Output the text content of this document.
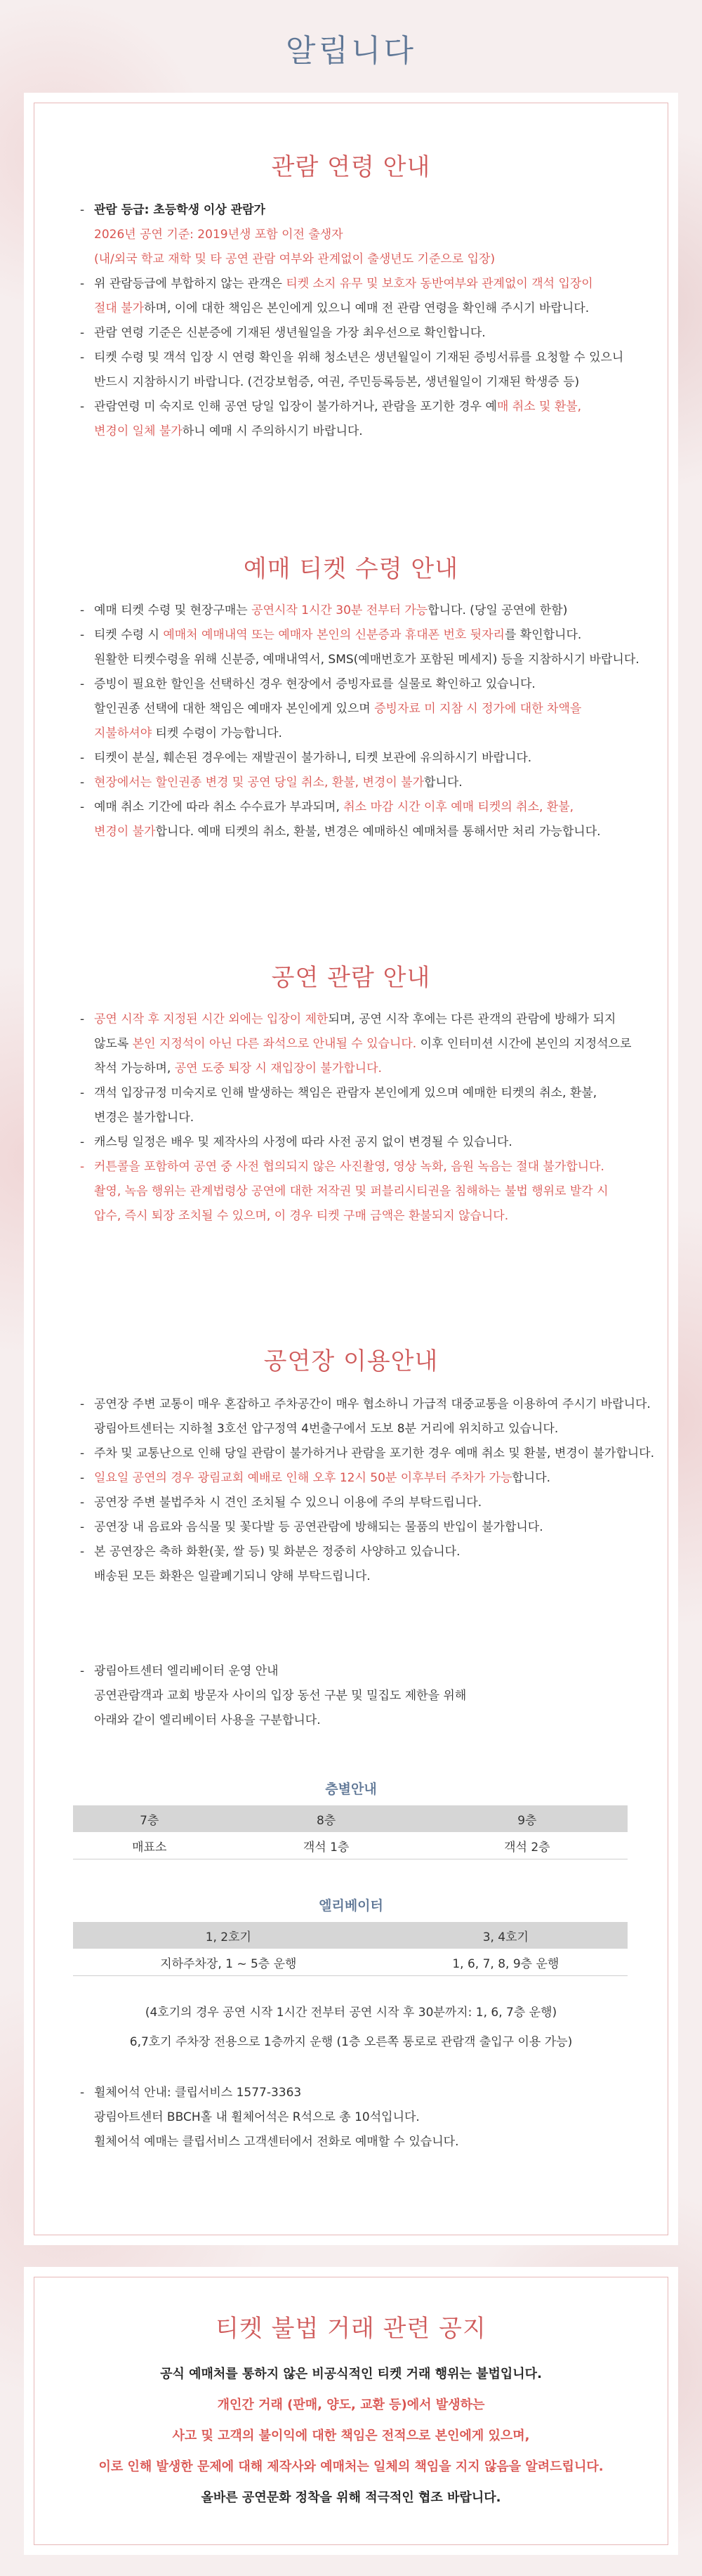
알립니다
관람 연령 안내
- 관람 등급: 초등학생 이상 관람가
2026년 공연 기준: 2019년생 포함 이전 출생자
(내/외국 학교 재학 및 타 공연 관람 여부와 관계없이 출생년도 기준으로 입장)
- 위 관람등급에 부합하지 않는 관객은 티켓 소지 유무 및 보호자 동반여부와 관계없이 객석 입장이
절대 불가하며, 이에 대한 책임은 본인에게 있으니 예매 전 관람 연령을 확인해 주시기 바랍니다.
- 관람 연령 기준은 신분증에 기재된 생년월일을 가장 최우선으로 확인합니다.
- 티켓 수령 및 객석 입장 시 연령 확인을 위해 청소년은 생년월일이 기재된 증빙서류를 요청할 수 있으니
반드시 지참하시기 바랍니다. (건강보험증, 여권, 주민등록등본, 생년월일이 기재된 학생증 등)
- 관람연령 미 숙지로 인해 공연 당일 입장이 불가하거나, 관람을 포기한 경우 예매 취소 및 환불,
변경이 일체 불가하니 예매 시 주의하시기 바랍니다.
예매 티켓 수령 안내
- 예매 티켓 수령 및 현장구매는 공연시작 1시간 30분 전부터 가능합니다. (당일 공연에 한함)
- 티켓 수령 시 예매처 예매내역 또는 예매자 본인의 신분증과 휴대폰 번호 뒷자리를 확인합니다.
원활한 티켓수령을 위해 신분증, 예매내역서, SMS(예매번호가 포함된 메세지) 등을 지참하시기 바랍니다.
- 증빙이 필요한 할인을 선택하신 경우 현장에서 증빙자료를 실물로 확인하고 있습니다.
할인권종 선택에 대한 책임은 예매자 본인에게 있으며 증빙자료 미 지참 시 정가에 대한 차액을
지불하셔야 티켓 수령이 가능합니다.
- 티켓이 분실, 훼손된 경우에는 재발권이 불가하니, 티켓 보관에 유의하시기 바랍니다.
- 현장에서는 할인권종 변경 및 공연 당일 취소, 환불, 변경이 불가합니다.
- 예매 취소 기간에 따라 취소 수수료가 부과되며, 취소 마감 시간 이후 예매 티켓의 취소, 환불,
변경이 불가합니다. 예매 티켓의 취소, 환불, 변경은 예매하신 예매처를 통해서만 처리 가능합니다.
공연 관람 안내
- 공연 시작 후 지정된 시간 외에는 입장이 제한되며, 공연 시작 후에는 다른 관객의 관람에 방해가 되지
않도록 본인 지정석이 아닌 다른 좌석으로 안내될 수 있습니다. 이후 인터미션 시간에 본인의 지정석으로
착석 가능하며, 공연 도중 퇴장 시 재입장이 불가합니다.
- 객석 입장규정 미숙지로 인해 발생하는 책임은 관람자 본인에게 있으며 예매한 티켓의 취소, 환불,
변경은 불가합니다.
- 캐스팅 일정은 배우 및 제작사의 사정에 따라 사전 공지 없이 변경될 수 있습니다.
- 커튼콜을 포함하여 공연 중 사전 협의되지 않은 사진촬영, 영상 녹화, 음원 녹음는 절대 불가합니다.
촬영, 녹음 행위는 관계법령상 공연에 대한 저작권 및 퍼블리시티권을 침해하는 불법 행위로 발각 시
압수, 즉시 퇴장 조치될 수 있으며, 이 경우 티켓 구매 금액은 환불되지 않습니다.
공연장 이용안내
- 공연장 주변 교통이 매우 혼잡하고 주차공간이 매우 협소하니 가급적 대중교통을 이용하여 주시기 바랍니다.
광림아트센터는 지하철 3호선 압구정역 4번출구에서 도보 8분 거리에 위치하고 있습니다.
- 주차 및 교통난으로 인해 당일 관람이 불가하거나 관람을 포기한 경우 예매 취소 및 환불, 변경이 불가합니다.
- 일요일 공연의 경우 광림교회 예배로 인해 오후 12시 50분 이후부터 주차가 가능합니다.
- 공연장 주변 불법주차 시 견인 조치될 수 있으니 이용에 주의 부탁드립니다.
- 공연장 내 음료와 음식물 및 꽃다발 등 공연관람에 방해되는 물품의 반입이 불가합니다.
- 본 공연장은 축하 화환(꽃, 쌀 등) 및 화분은 정중히 사양하고 있습니다.
배송된 모든 화환은 일괄폐기되니 양해 부탁드립니다.
- 광림아트센터 엘리베이터 운영 안내
공연관람객과 교회 방문자 사이의 입장 동선 구분 및 밀집도 제한을 위해
아래와 같이 엘리베이터 사용을 구분합니다.
층별안내
7층	8층	9층
매표소	객석 1층	객석 2층
엘리베이터
1, 2호기	3, 4호기
지하주차장, 1 ~ 5층 운행	1, 6, 7, 8, 9층 운행
(4호기의 경우 공연 시작 1시간 전부터 공연 시작 후 30분까지: 1, 6, 7층 운행)
6,7호기 주차장 전용으로 1층까지 운행 (1층 오른쪽 통로로 관람객 출입구 이용 가능)
- 휠체어석 안내: 클립서비스 1577-3363
광림아트센터 BBCH홀 내 휠체어석은 R석으로 총 10석입니다.
휠체어석 예매는 클립서비스 고객센터에서 전화로 예매할 수 있습니다.
티켓 불법 거래 관련 공지
공식 예매처를 통하지 않은 비공식적인 티켓 거래 행위는 불법입니다.
개인간 거래 (판매, 양도, 교환 등)에서 발생하는
사고 및 고객의 불이익에 대한 책임은 전적으로 본인에게 있으며,
이로 인해 발생한 문제에 대해 제작사와 예매처는 일체의 책임을 지지 않음을 알려드립니다.
올바른 공연문화 정착을 위해 적극적인 협조 바랍니다.
